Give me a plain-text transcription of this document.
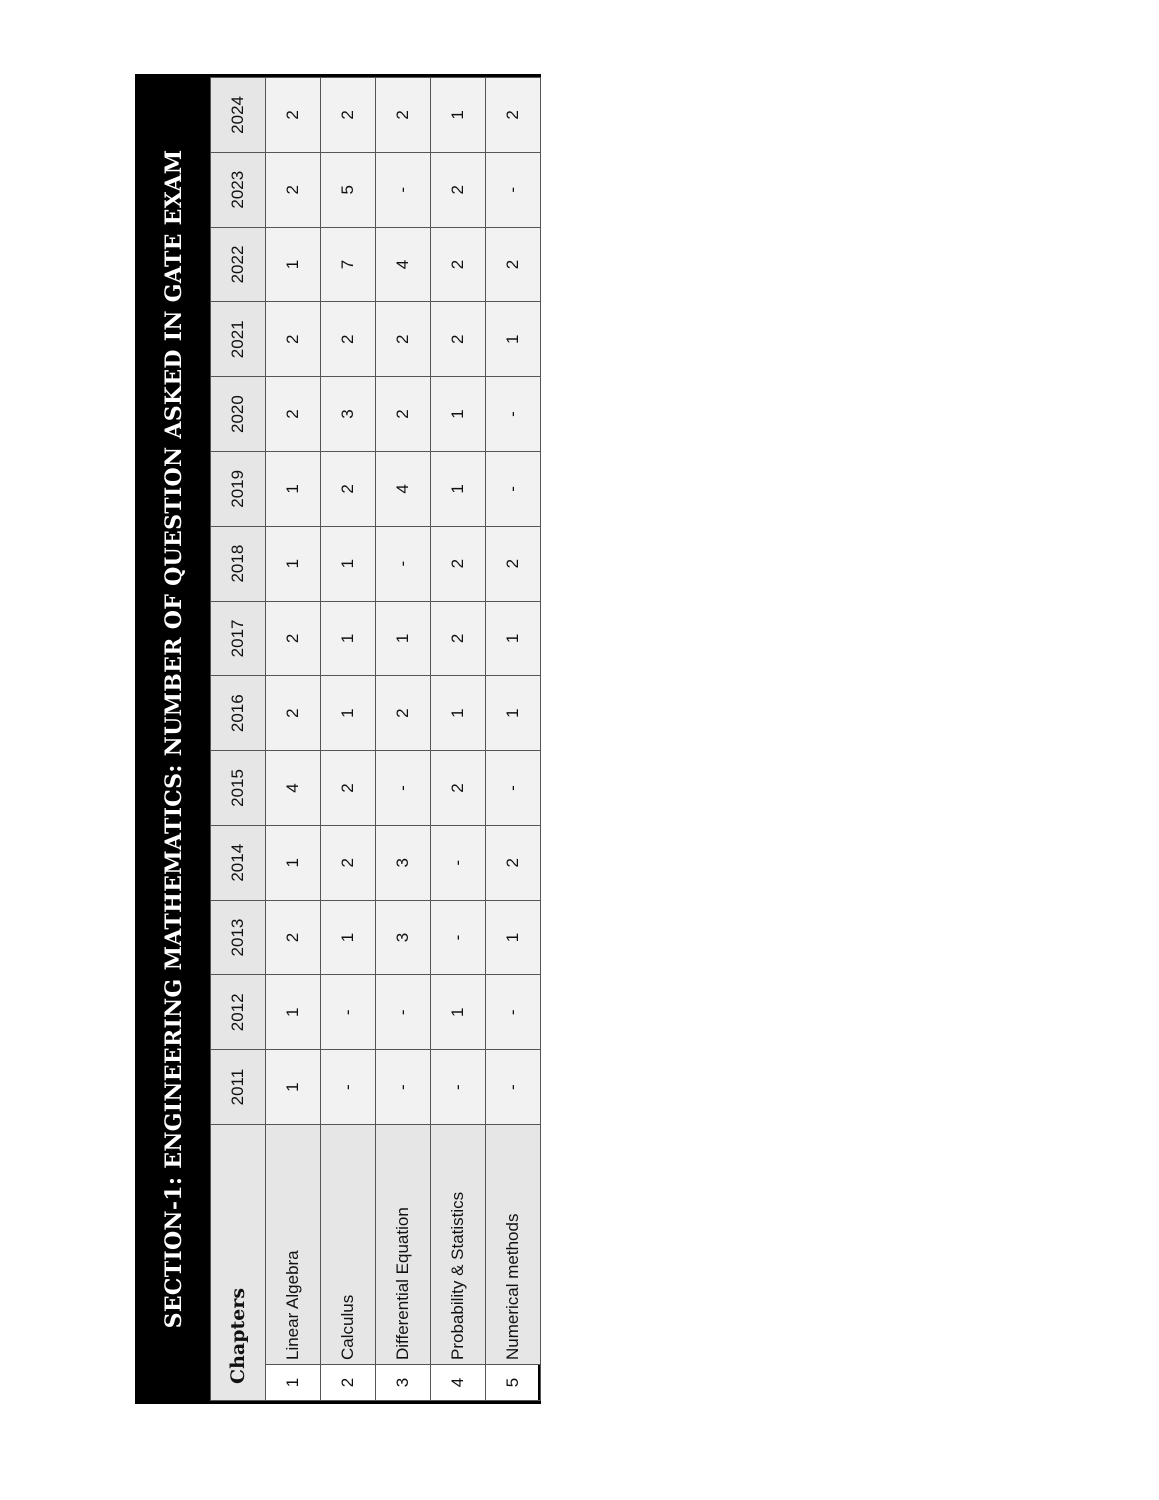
SECTION-1: ENGINEERING MATHEMATICS: NUMBER OF QUESTION ASKED IN GATE EXAM
Chapters		2011	2012	2013	2014	2015	2016	2017	2018	2019	2020	2021	2022	2023	2024
1	Linear Algebra	1	1	2	1	4	2	2	1	1	2	2	1	2	2
2	Calculus	-	-	1	2	2	1	1	1	2	3	2	7	5	2
3	Differential Equation	-	-	3	3	-	2	1	-	4	2	2	4	-	2
4	Probability & Statistics	-	1	-	-	2	1	2	2	1	1	2	2	2	1
5	Numerical methods	-	-	1	2	-	1	1	2	-	-	1	2	-	2
